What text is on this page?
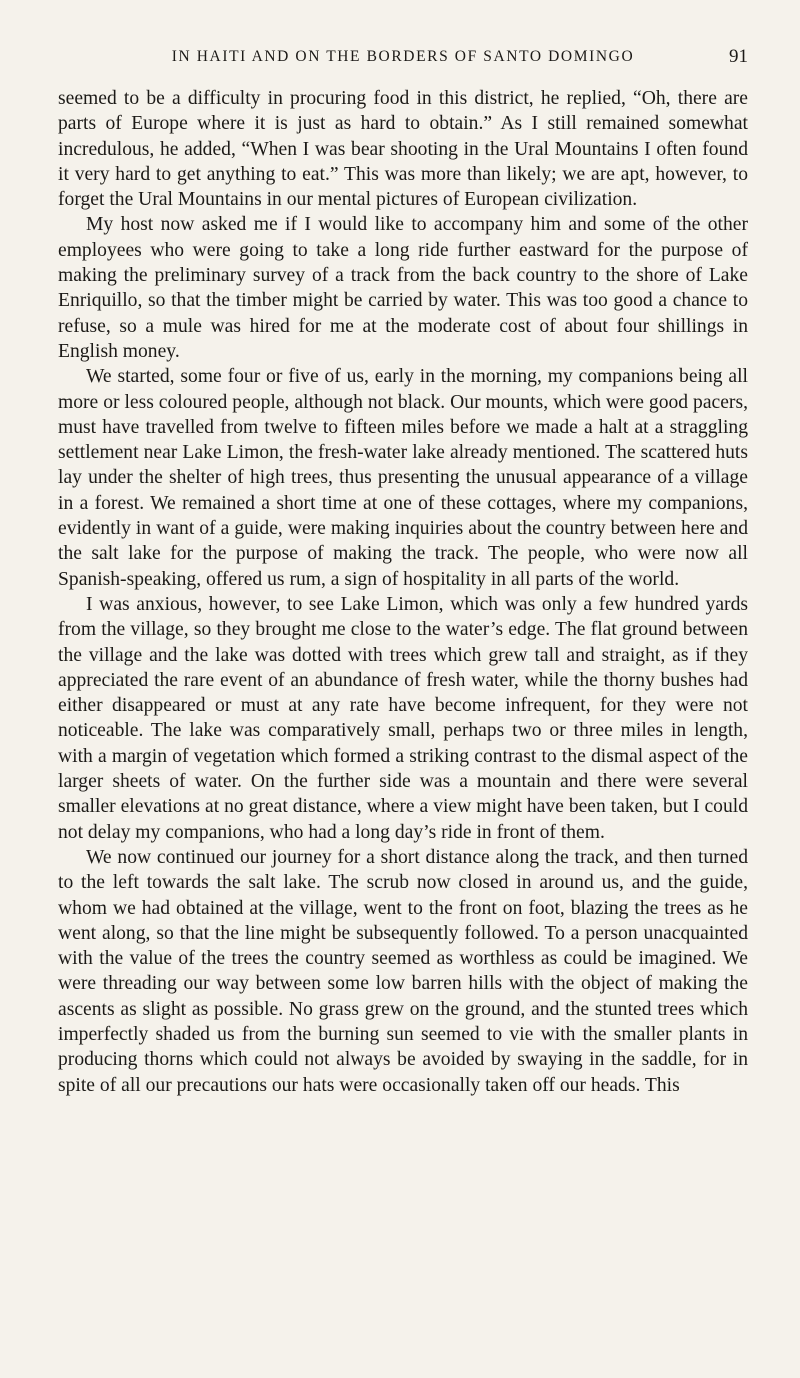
IN HAITI AND ON THE BORDERS OF SANTO DOMINGO	91

seemed to be a difficulty in procuring food in this district, he replied, “Oh, there are parts of Europe where it is just as hard to obtain.” As I still remained somewhat incredulous, he added, “When I was bear shooting in the Ural Mountains I often found it very hard to get anything to eat.” This was more than likely; we are apt, however, to forget the Ural Mountains in our mental pictures of European civilization.

My host now asked me if I would like to accompany him and some of the other employees who were going to take a long ride further eastward for the purpose of making the preliminary survey of a track from the back country to the shore of Lake Enriquillo, so that the timber might be carried by water. This was too good a chance to refuse, so a mule was hired for me at the moderate cost of about four shillings in English money.

We started, some four or five of us, early in the morning, my companions being all more or less coloured people, although not black. Our mounts, which were good pacers, must have travelled from twelve to fifteen miles before we made a halt at a straggling settlement near Lake Limon, the fresh-water lake already mentioned. The scattered huts lay under the shelter of high trees, thus presenting the unusual appearance of a village in a forest. We remained a short time at one of these cottages, where my companions, evidently in want of a guide, were making inquiries about the country between here and the salt lake for the purpose of making the track. The people, who were now all Spanish-speaking, offered us rum, a sign of hospitality in all parts of the world.

I was anxious, however, to see Lake Limon, which was only a few hundred yards from the village, so they brought me close to the water’s edge. The flat ground between the village and the lake was dotted with trees which grew tall and straight, as if they appreciated the rare event of an abundance of fresh water, while the thorny bushes had either disappeared or must at any rate have become infrequent, for they were not noticeable. The lake was comparatively small, perhaps two or three miles in length, with a margin of vegetation which formed a striking contrast to the dismal aspect of the larger sheets of water. On the further side was a mountain and there were several smaller elevations at no great distance, where a view might have been taken, but I could not delay my companions, who had a long day’s ride in front of them.

We now continued our journey for a short distance along the track, and then turned to the left towards the salt lake. The scrub now closed in around us, and the guide, whom we had obtained at the village, went to the front on foot, blazing the trees as he went along, so that the line might be subsequently followed. To a person unacquainted with the value of the trees the country seemed as worthless as could be imagined. We were threading our way between some low barren hills with the object of making the ascents as slight as possible. No grass grew on the ground, and the stunted trees which imperfectly shaded us from the burning sun seemed to vie with the smaller plants in producing thorns which could not always be avoided by swaying in the saddle, for in spite of all our precautions our hats were occasionally taken off our heads. This
